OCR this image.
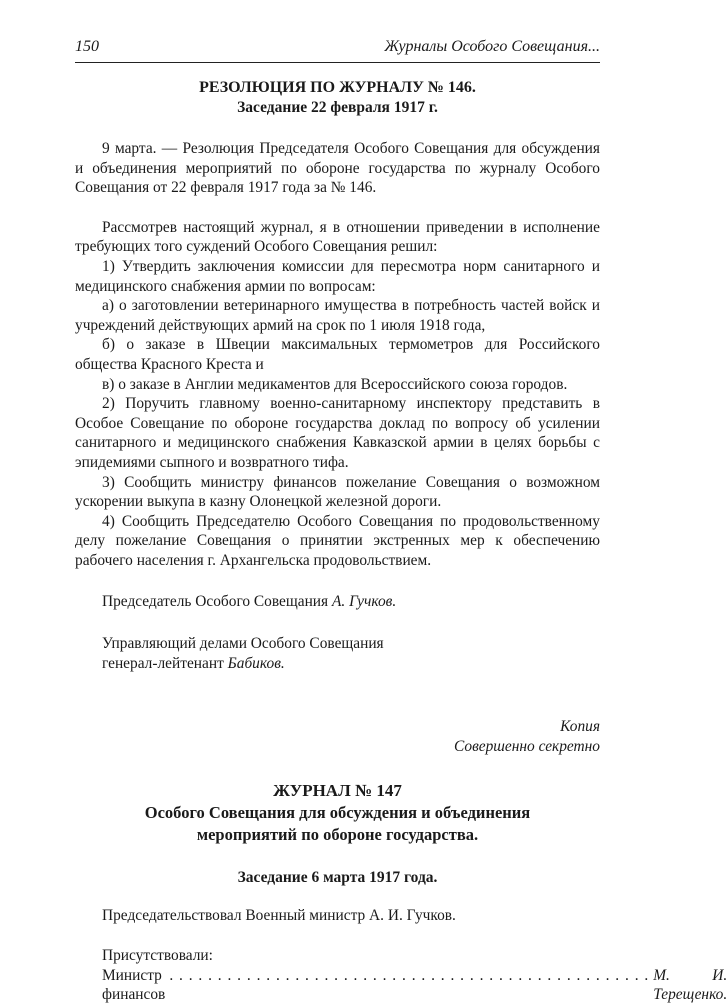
150	Журналы Особого Совещания...
РЕЗОЛЮЦИЯ ПО ЖУРНАЛУ № 146.
Заседание 22 февраля 1917 г.

9 марта. — Резолюция Председателя Особого Совещания для обсуждения и объединения мероприятий по обороне государства по журналу Особого Совещания от 22 февраля 1917 года за № 146.

Рассмотрев настоящий журнал, я в отношении приведении в исполнение требующих того суждений Особого Совещания решил:

1) Утвердить заключения комиссии для пересмотра норм санитарного и медицинского снабжения армии по вопросам:

а) о заготовлении ветеринарного имущества в потребность частей войск и учреждений действующих армий на срок по 1 июля 1918 года,

б) о заказе в Швеции максимальных термометров для Российского общества Красного Креста и

в) о заказе в Англии медикаментов для Всероссийского союза городов.

2) Поручить главному военно-санитарному инспектору представить в Особое Совещание по обороне государства доклад по вопросу об усилении санитарного и медицинского снабжения Кавказской армии в целях борьбы с эпидемиями сыпного и возвратного тифа.

3) Сообщить министру финансов пожелание Совещания о возможном ускорении выкупа в казну Олонецкой железной дороги.

4) Сообщить Председателю Особого Совещания по продовольственному делу пожелание Совещания о принятии экстренных мер к обеспечению рабочего населения г. Архангельска продовольствием.

Председатель Особого Совещания А. Гучков.

Управляющий делами Особого Совещания

генерал-лейтенант Бабиков.

Копия

Совершенно секретно

ЖУРНАЛ № 147
Особого Совещания для обсуждения и объединения
мероприятий по обороне государства.
Заседание 6 марта 1917 года.

Председательствовал Военный министр А. И. Гучков.

Присутствовали:

Министр финансов
. . . . . . . . . . . . . . . . . . . . . . . . . . . . . . . . . . . . . . . . . . . . . . . . . . М. И. Терещенко.
